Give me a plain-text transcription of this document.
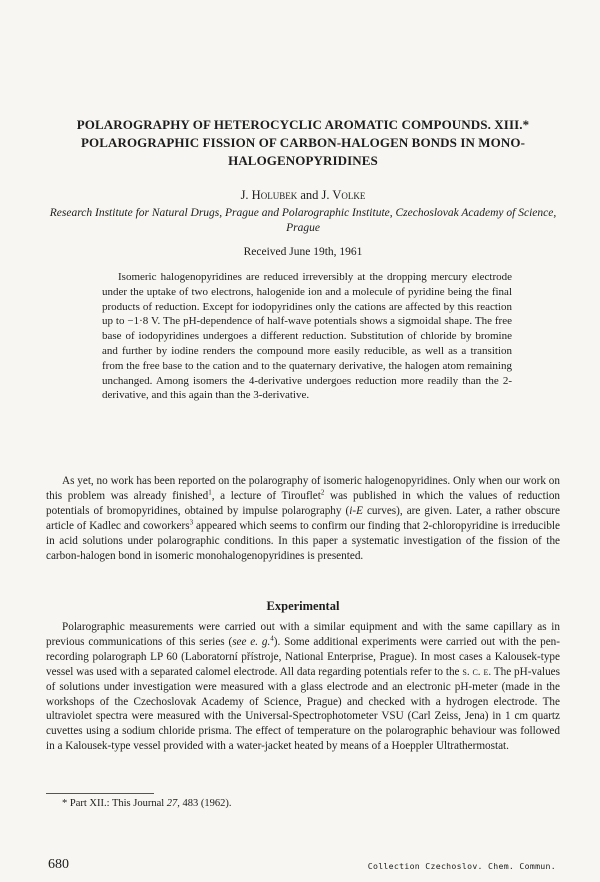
POLAROGRAPHY OF HETEROCYCLIC AROMATIC COMPOUNDS. XIII.*
POLAROGRAPHIC FISSION OF CARBON-HALOGEN BONDS IN MONO-
HALOGENOPYRIDINES
J. Holubek and J. Volke
Research Institute for Natural Drugs, Prague and Polarographic Institute, Czechoslovak Academy of Science, Prague
Received June 19th, 1961

Isomeric halogenopyridines are reduced irreversibly at the dropping mercury electrode under the uptake of two electrons, halogenide ion and a molecule of pyridine being the final products of reduction. Except for iodopyridines only the cations are affected by this reaction up to −1·8 V. The pH-dependence of half-wave potentials shows a sigmoidal shape. The free base of iodopyridines undergoes a different reduction. Substitution of chloride by bromine and further by iodine renders the compound more easily reducible, as well as a transition from the free base to the cation and to the quaternary derivative, the halogen atom remaining unchanged. Among isomers the 4-derivative undergoes reduction more readily than the 2-derivative, and this again than the 3-derivative.

As yet, no work has been reported on the polarography of isomeric halogenopyridines. Only when our work on this problem was already finished$^1$, a lecture of Tirouflet$^2$ was published in which the values of reduction potentials of bromopyridines, obtained by impulse polarography (i-E curves), are given. Later, a rather obscure article of Kadlec and coworkers$^3$ appeared which seems to confirm our finding that 2-chloropyridine is irreducible in acid solutions under polarographic conditions. In this paper a systematic investigation of the fission of the carbon-halogen bond in isomeric monohalogenopyridines is presented.

Experimental

Polarographic measurements were carried out with a similar equipment and with the same capillary as in previous communications of this series (see e. g.$^4$). Some additional experiments were carried out with the pen-recording polarograph LP 60 (Laboratorní přístroje, National Enterprise, Prague). In most cases a Kalousek-type vessel was used with a separated calomel electrode. All data regarding potentials refer to the s. c. e. The pH-values of solutions under investigation were measured with a glass electrode and an electronic pH-meter (made in the workshops of the Czechoslovak Academy of Science, Prague) and checked with a hydrogen electrode. The ultraviolet spectra were measured with the Universal-Spectrophotometer VSU (Carl Zeiss, Jena) in 1 cm quartz cuvettes using a sodium chloride prisma. The effect of temperature on the polarographic behaviour was followed in a Kalousek-type vessel provided with a water-jacket heated by means of a Hoeppler Ultrathermostat.

* Part XII.: This Journal 27, 483 (1962).
680	Collection Czechoslov. Chem. Commun.
